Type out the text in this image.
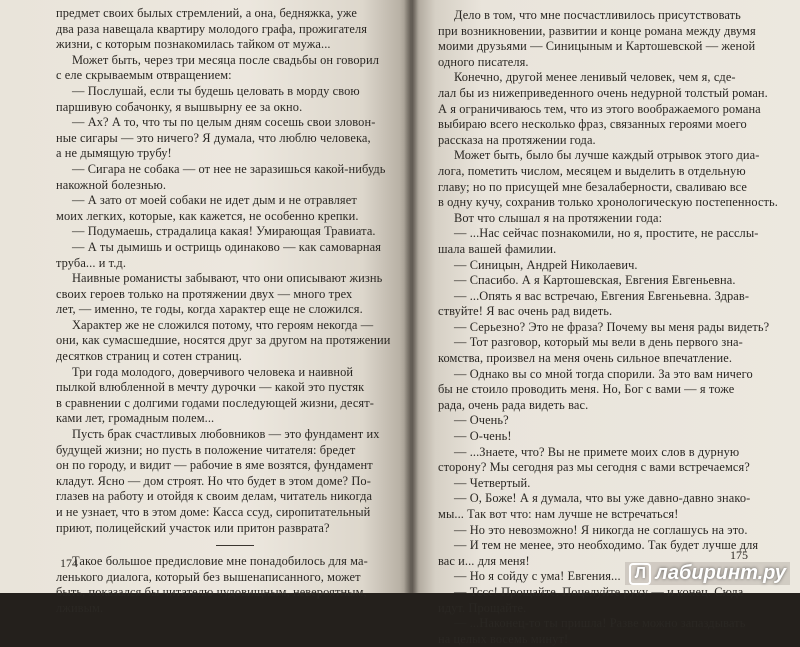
предмет своих былых стремлений, а она, бедняжка, уже
два раза навещала квартиру молодого графа, прожигателя
жизни, с которым познакомилась тайком от мужа...
Может быть, через три месяца после свадьбы он говорил
с еле скрываемым отвращением:
— Послушай, если ты будешь целовать в морду свою
паршивую собачонку, я вышвырну ее за окно.
— Ах? А то, что ты по целым дням сосешь свои зловон-
ные сигары — это ничего? Я думала, что люблю человека,
а не дымящую трубу!
— Сигара не собака — от нее не заразишься какой-нибудь
накожной болезнью.
— А зато от моей собаки не идет дым и не отравляет
моих легких, которые, как кажется, не особенно крепки.
— Подумаешь, страдалица какая! Умирающая Травиата.
— А ты дымишь и острищь одинаково — как самоварная
труба... и т.д.
Наивные романисты забывают, что они описывают жизнь
своих героев только на протяжении двух — много трех
лет, — именно, те годы, когда характер еще не сложился.
Характер же не сложился потому, что героям некогда —
они, как сумасшедшие, носятся друг за другом на протяжении
десятков страниц и сотен страниц.
Три года молодого, доверчивого человека и наивной
пылкой влюбленной в мечту дурочки — какой это пустяк
в сравнении с долгими годами последующей жизни, десят-
ками лет, громадным полем...
Пусть брак счастливых любовников — это фундамент их
будущей жизни; но пусть в положение читателя: бредет
он по городу, и видит — рабочие в яме возятся, фундамент
кладут. Ясно — дом строят. Но что будет в этом доме? По-
глазев на работу и отойдя к своим делам, читатель никогда
и не узнает, что в этом доме: Касса ссуд, сиропитательный
приют, полицейский участок или притон разврата?
Такое большое предисловие мне понадобилось для ма-
ленького диалога, который без вышенаписанного, может
быть, показался бы читателю чудовищным, невероятным,
лживым.
174
Дело в том, что мне посчастливилось присутствовать
при возникновении, развитии и конце романа между двумя
моими друзьями — Синицыным и Картошевской — женой
одного писателя.
Конечно, другой менее ленивый человек, чем я, сде-
лал бы из нижеприведенного очень недурной толстый роман.
А я ограничиваюсь тем, что из этого воображаемого романа
выбираю всего несколько фраз, связанных героями моего
рассказа на протяжении года.
Может быть, было бы лучше каждый отрывок этого диа-
лога, пометить числом, месяцем и выделить в отдельную
главу; но по присущей мне безалаберности, сваливаю все
в одну кучу, сохранив только хронологическую постепенность.
Вот что слышал я на протяжении года:
— ...Нас сейчас познакомили, но я, простите, не расслы-
шала вашей фамилии.
— Синицын, Андрей Николаевич.
— Спасибо. А я Картошевская, Евгения Евгеньевна.
— ...Опять я вас встречаю, Евгения Евгеньевна. Здрав-
ствуйте! Я вас очень рад видеть.
— Серьезно? Это не фраза? Почему вы меня рады видеть?
— Тот разговор, который мы вели в день первого зна-
комства, произвел на меня очень сильное впечатление.
— Однако вы со мной тогда спорили. За это вам ничего
бы не стоило проводить меня. Но, Бог с вами — я тоже
рада, очень рада видеть вас.
— Очень?
— О-чень!
— ...Знаете, что? Вы не примете моих слов в дурную
сторону? Мы сегодня раз мы сегодня с вами встречаемся?
— Четвертый.
— О, Боже! А я думала, что вы уже давно-давно знако-
мы... Так вот что: нам лучше не встречаться!
— Но это невозможно! Я никогда не соглашусь на это.
— И тем не менее, это необходимо. Так будет лучше для
вас и... для меня!
— Но я сойду с ума! Евгения...
— Тссс! Прощайте. Поцелуйте руку — и конец. Сюда
идут. Прощайте.
— ...Наконец-то ты пришла! Разве можно запаздывать
на целых восемь минут!
175
Л лабиринт.ру
